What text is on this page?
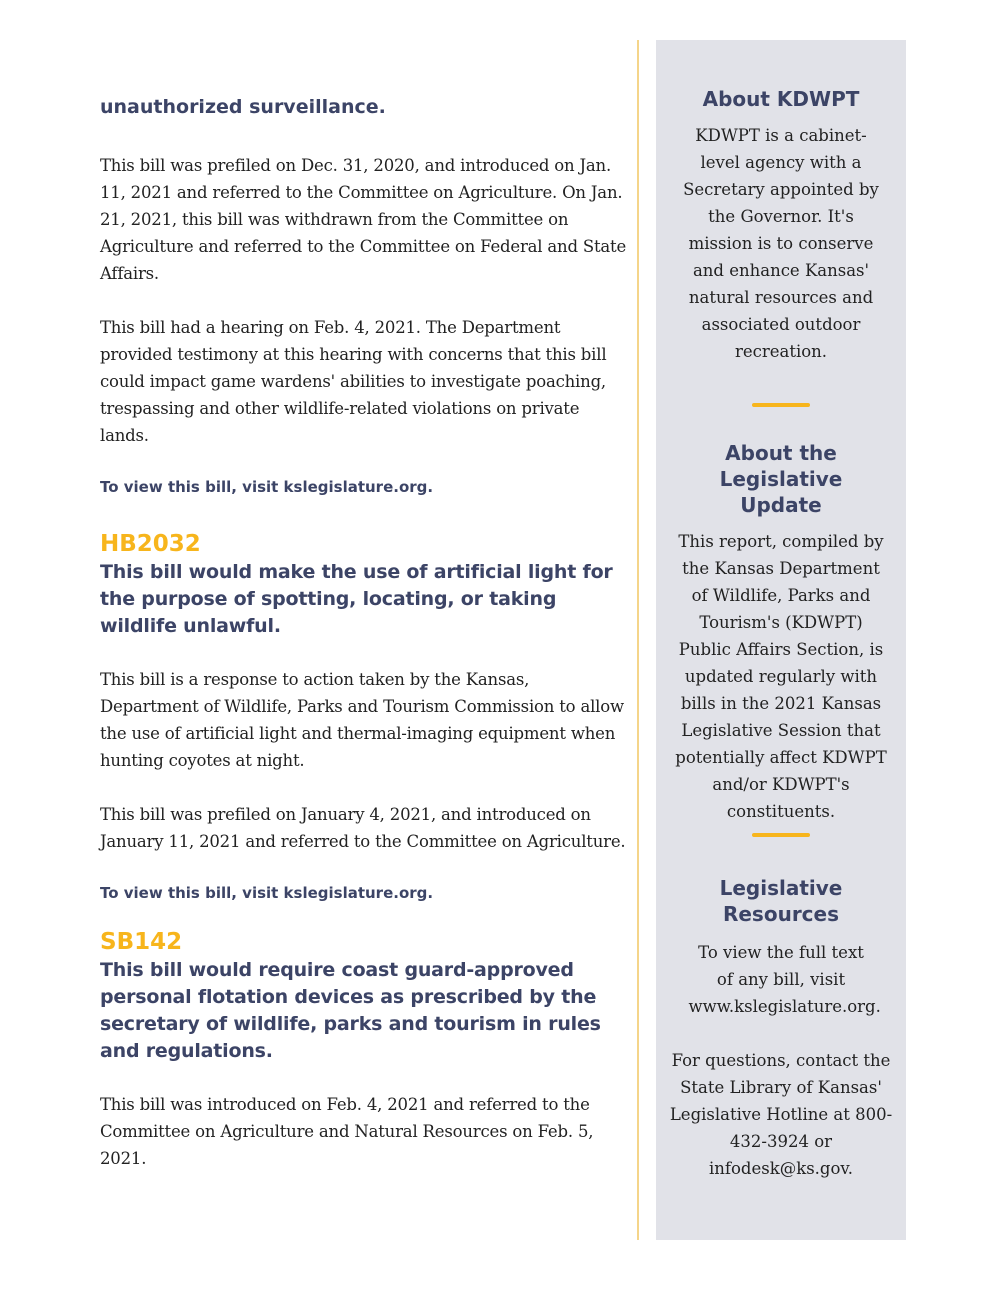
unauthorized surveillance.

This bill was prefiled on Dec. 31, 2020, and introduced on Jan. 11, 2021 and referred to the Committee on Agriculture. On Jan. 21, 2021, this bill was withdrawn from the Committee on Agriculture and referred to the Committee on Federal and State Affairs.

This bill had a hearing on Feb. 4, 2021. The Department provided testimony at this hearing with concerns that this bill could impact game wardens' abilities to investigate poaching, trespassing and other wildlife-related violations on private lands.

To view this bill, visit kslegislature.org.

HB2032

This bill would make the use of artificial light for the purpose of spotting, locating, or taking wildlife unlawful.

This bill is a response to action taken by the Kansas, Department of Wildlife, Parks and Tourism Commission to allow the use of artificial light and thermal-imaging equipment when hunting coyotes at night.

This bill was prefiled on January 4, 2021, and introduced on January 11, 2021 and referred to the Committee on Agriculture.

To view this bill, visit kslegislature.org.

SB142

This bill would require coast guard-approved personal flotation devices as prescribed by the secretary of wildlife, parks and tourism in rules and regulations.

This bill was introduced on Feb. 4, 2021 and referred to the Committee on Agriculture and Natural Resources on Feb. 5, 2021.

About KDWPT

KDWPT is a cabinet-level agency with a Secretary appointed by the Governor. It's mission is to conserve and enhance Kansas' natural resources and associated outdoor recreation.

About the Legislative Update

This report, compiled by the Kansas Department of Wildlife, Parks and Tourism's (KDWPT) Public Affairs Section, is updated regularly with bills in the 2021 Kansas Legislative Session that potentially affect KDWPT and/or KDWPT's constituents.

Legislative Resources

To view the full text of any bill, visit www.kslegislature.org.

For questions, contact the State Library of Kansas' Legislative Hotline at 800-432-3924 or infodesk@ks.gov.
